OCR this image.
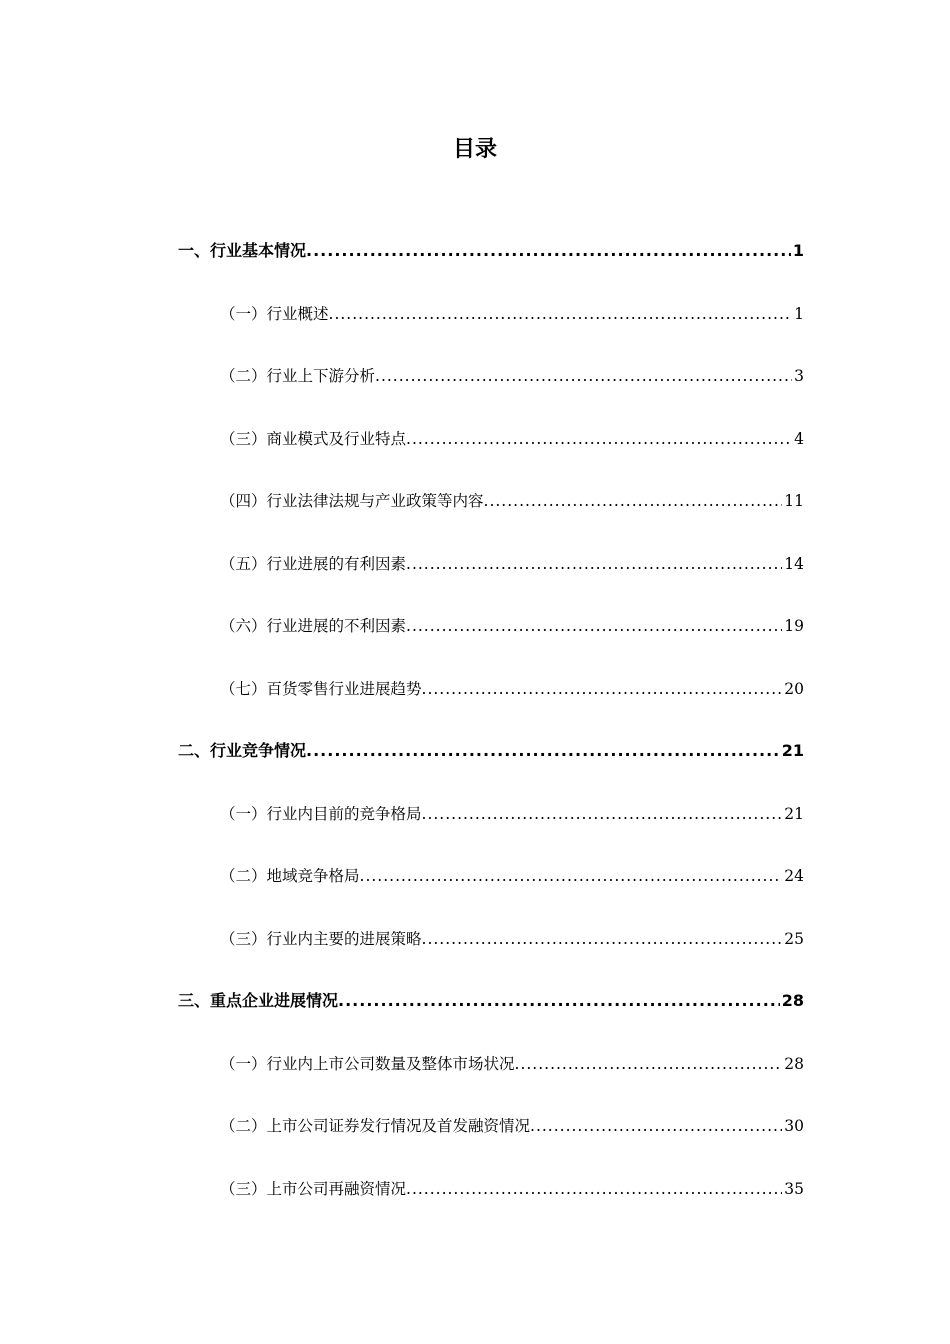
目录
一、行业基本情况 .....	1
（一）行业概述 .....	1
（二）行业上下游分析 .....	3
（三）商业模式及行业特点 .....	4
（四）行业法律法规与产业政策等内容 .....	11
（五）行业进展的有利因素 .....	14
（六）行业进展的不利因素 .....	19
（七）百货零售行业进展趋势 .....	20
二、行业竞争情况 .....	21
（一）行业内目前的竞争格局 .....	21
（二）地域竞争格局 .....	24
（三）行业内主要的进展策略 .....	25
三、重点企业进展情况 .....	28
（一）行业内上市公司数量及整体市场状况 .....	28
（二）上市公司证券发行情况及首发融资情况 .....	30
（三）上市公司再融资情况 .....	35
